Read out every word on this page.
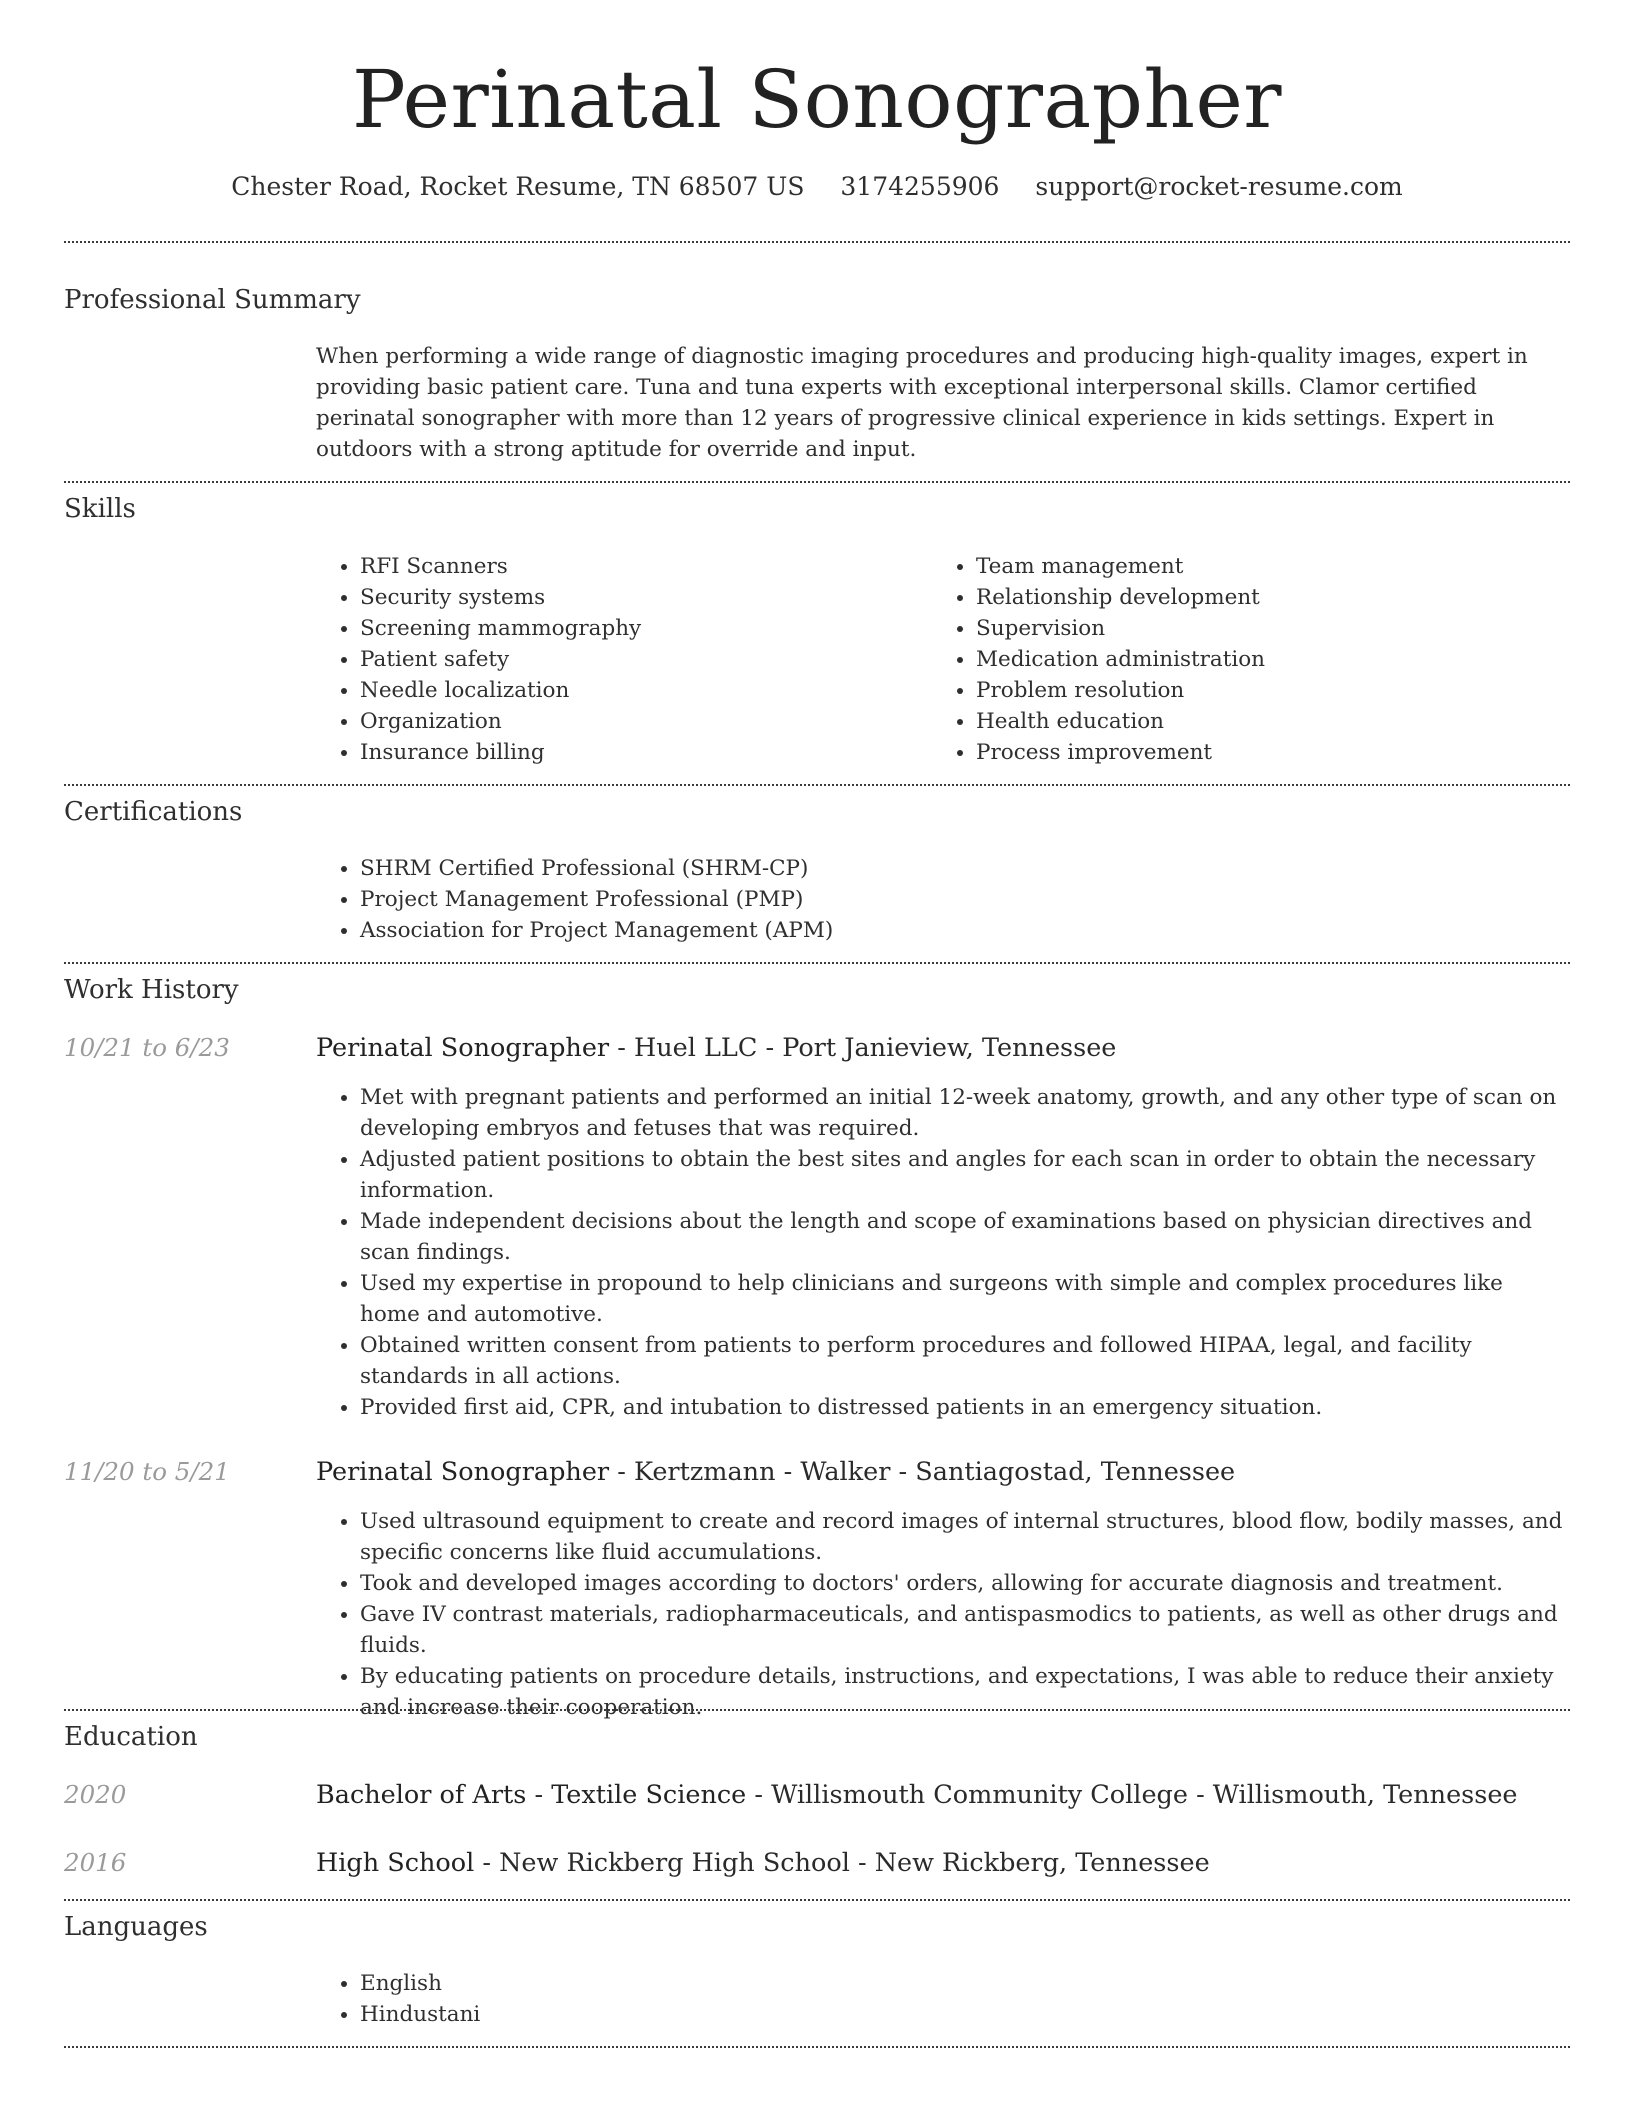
Perinatal Sonographer
Chester Road, Rocket Resume, TN 68507 US 3174255906 support@rocket-resume.com
Professional Summary
When performing a wide range of diagnostic imaging procedures and producing high-quality images, expert in providing basic patient care. Tuna and tuna experts with exceptional interpersonal skills. Clamor certified perinatal sonographer with more than 12 years of progressive clinical experience in kids settings. Expert in outdoors with a strong aptitude for override and input.
Skills
• RFI Scanners
• Security systems
• Screening mammography
• Patient safety
• Needle localization
• Organization
• Insurance billing
• Team management
• Relationship development
• Supervision
• Medication administration
• Problem resolution
• Health education
• Process improvement
Certifications
• SHRM Certified Professional (SHRM-CP)
• Project Management Professional (PMP)
• Association for Project Management (APM)
Work History
10/21 to 6/23	Perinatal Sonographer - Huel LLC - Port Janieview, Tennessee
• Met with pregnant patients and performed an initial 12-week anatomy, growth, and any other type of scan on developing embryos and fetuses that was required.
• Adjusted patient positions to obtain the best sites and angles for each scan in order to obtain the necessary information.
• Made independent decisions about the length and scope of examinations based on physician directives and scan findings.
• Used my expertise in propound to help clinicians and surgeons with simple and complex procedures like home and automotive.
• Obtained written consent from patients to perform procedures and followed HIPAA, legal, and facility standards in all actions.
• Provided first aid, CPR, and intubation to distressed patients in an emergency situation.
11/20 to 5/21	Perinatal Sonographer - Kertzmann - Walker - Santiagostad, Tennessee
• Used ultrasound equipment to create and record images of internal structures, blood flow, bodily masses, and specific concerns like fluid accumulations.
• Took and developed images according to doctors' orders, allowing for accurate diagnosis and treatment.
• Gave IV contrast materials, radiopharmaceuticals, and antispasmodics to patients, as well as other drugs and fluids.
• By educating patients on procedure details, instructions, and expectations, I was able to reduce their anxiety and increase their cooperation.
Education
2020	Bachelor of Arts - Textile Science - Willismouth Community College - Willismouth, Tennessee
2016	High School - New Rickberg High School - New Rickberg, Tennessee
Languages
• English
• Hindustani
